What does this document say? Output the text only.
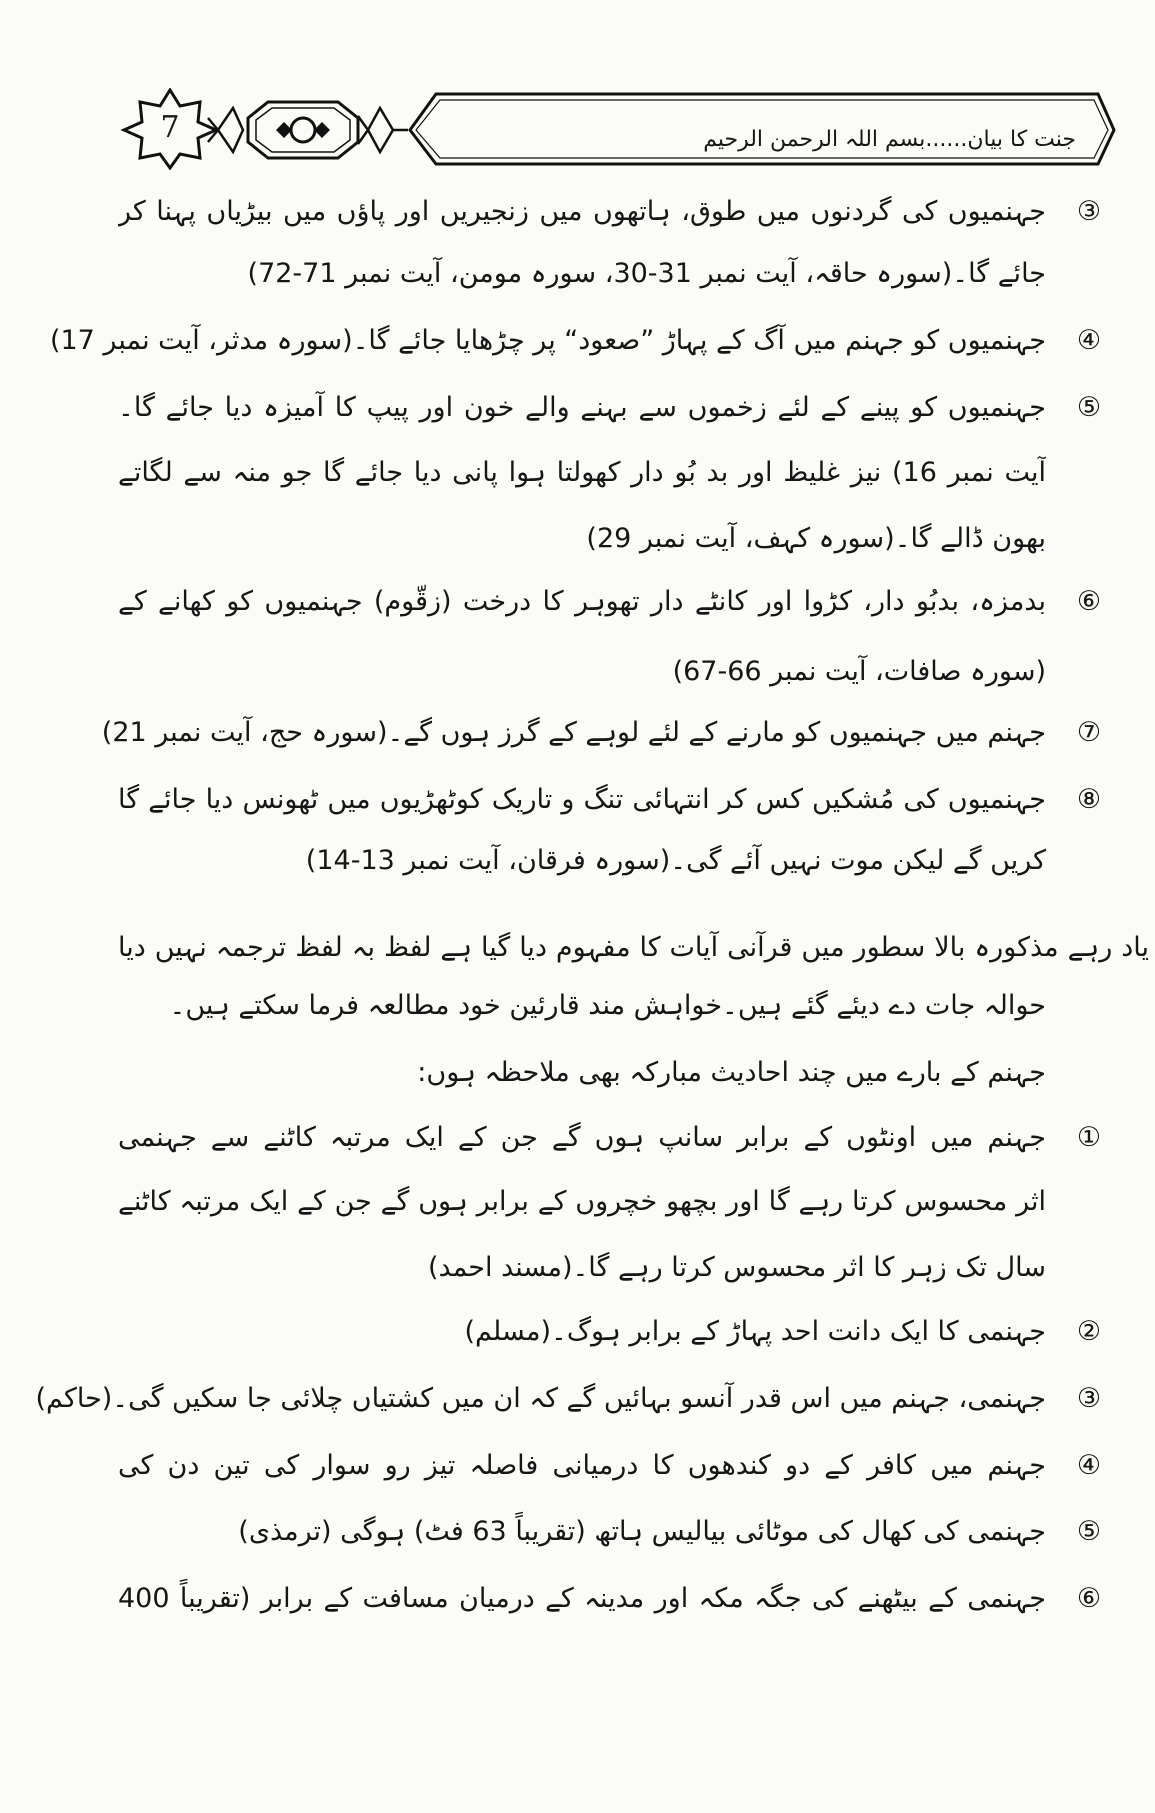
7	جنت کا بیان......بسم اللہ الرحمن الرحیم
③
جہنمیوں کی گردنوں میں طوق، ہاتھوں میں زنجیریں اور پاؤں میں بیڑیاں پہنا کر
جائے گا۔(سورہ حاقہ، آیت نمبر 31-30، سورہ مومن، آیت نمبر 71-72)
④
جہنمیوں کو جہنم میں آگ کے پہاڑ ”صعود“ پر چڑھایا جائے گا۔(سورہ مدثر، آیت نمبر 17)
⑤
جہنمیوں کو پینے کے لئے زخموں سے بہنے والے خون اور پیپ کا آمیزہ دیا جائے گا۔
آیت نمبر 16) نیز غلیظ اور بد بُو دار کھولتا ہوا پانی دیا جائے گا جو منہ سے لگاتے
بھون ڈالے گا۔(سورہ کہف، آیت نمبر 29)
⑥
بدمزہ، بدبُو دار، کڑوا اور کانٹے دار تھوہر کا درخت (زقّوم) جہنمیوں کو کھانے کے
(سورہ صافات، آیت نمبر 66-67)
⑦
جہنم میں جہنمیوں کو مارنے کے لئے لوہے کے گرز ہوں گے۔(سورہ حج، آیت نمبر 21)
⑧
جہنمیوں کی مُشکیں کس کر انتہائی تنگ و تاریک کوٹھڑیوں میں ٹھونس دیا جائے گا
کریں گے لیکن موت نہیں آئے گی۔(سورہ فرقان، آیت نمبر 13-14)
یاد رہے مذکورہ بالا سطور میں قرآنی آیات کا مفہوم دیا گیا ہے لفظ بہ لفظ ترجمہ نہیں دیا
حوالہ جات دے دیئے گئے ہیں۔خواہش مند قارئین خود مطالعہ فرما سکتے ہیں۔
جہنم کے بارے میں چند احادیث مبارکہ بھی ملاحظہ ہوں:
①
جہنم میں اونٹوں کے برابر سانپ ہوں گے جن کے ایک مرتبہ کاٹنے سے جہنمی
اثر محسوس کرتا رہے گا اور بچھو خچروں کے برابر ہوں گے جن کے ایک مرتبہ کاٹنے
سال تک زہر کا اثر محسوس کرتا رہے گا۔(مسند احمد)
②
جہنمی کا ایک دانت احد پہاڑ کے برابر ہوگ۔(مسلم)
③
جہنمی، جہنم میں اس قدر آنسو بہائیں گے کہ ان میں کشتیاں چلائی جا سکیں گی۔(حاکم)
④
جہنم میں کافر کے دو کندھوں کا درمیانی فاصلہ تیز رو سوار کی تین دن کی
⑤
جہنمی کی کھال کی موٹائی بیالیس ہاتھ (تقریباً 63 فٹ) ہوگی (ترمذی)
⑥
جہنمی کے بیٹھنے کی جگہ مکہ اور مدینہ کے درمیان مسافت کے برابر (تقریباً 400
